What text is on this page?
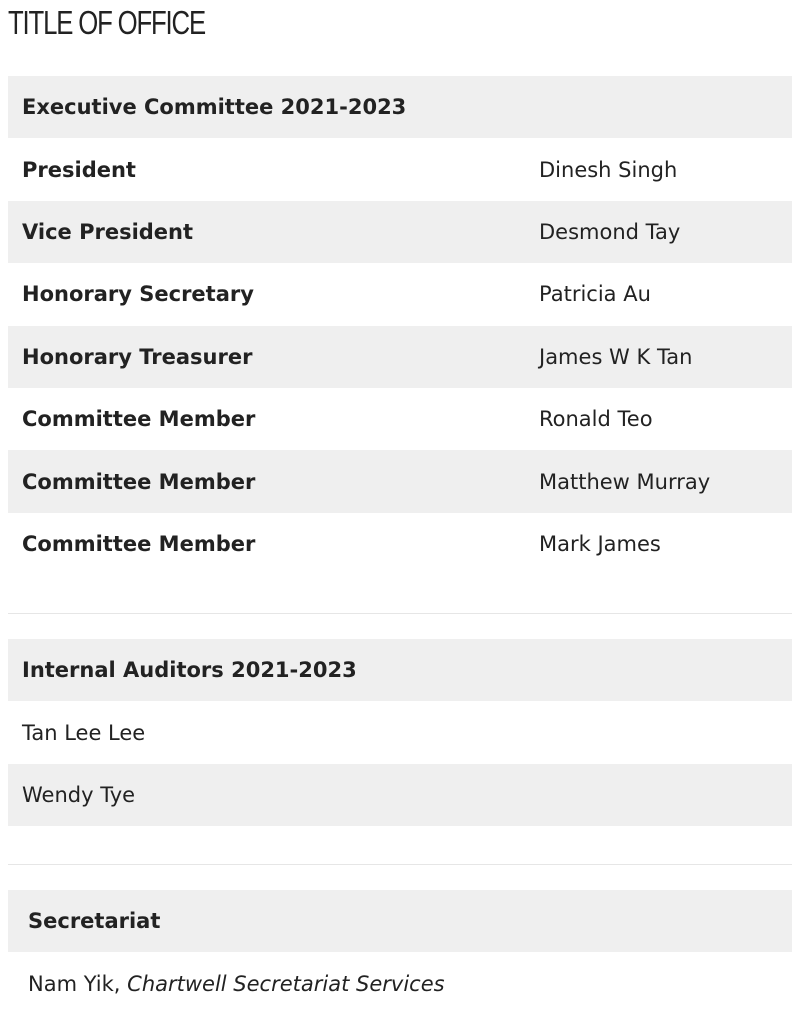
TITLE OF OFFICE
Executive Committee 2021-2023
President	Dinesh Singh
Vice President	Desmond Tay
Honorary Secretary	Patricia Au
Honorary Treasurer	James W K Tan
Committee Member	Ronald Teo
Committee Member	Matthew Murray
Committee Member	Mark James
Internal Auditors 2021-2023
Tan Lee Lee
Wendy Tye
Secretariat
Nam Yik, Chartwell Secretariat Services
